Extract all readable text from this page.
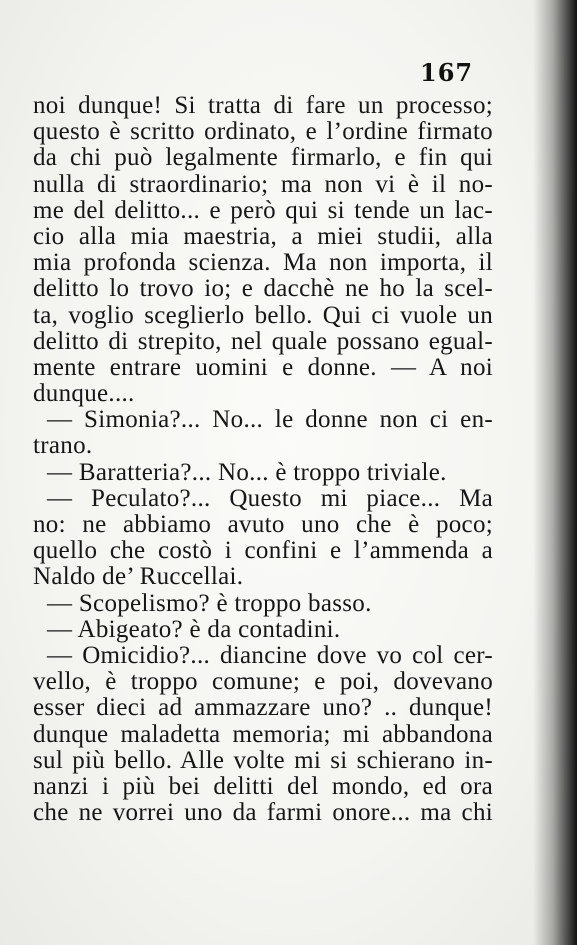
167
noi dunque! Si tratta di fare un processo;
questo è scritto ordinato, e l’ordine firmato
da chi può legalmente firmarlo, e fin qui
nulla di straordinario; ma non vi è il no-
me del delitto... e però qui si tende un lac-
cio alla mia maestria, a miei studii, alla
mia profonda scienza. Ma non importa, il
delitto lo trovo io; e dacchè ne ho la scel-
ta, voglio sceglierlo bello. Qui ci vuole un
delitto di strepito, nel quale possano egual-
mente entrare uomini e donne. — A noi
dunque....
— Simonia?... No... le donne non ci en-
trano.
— Baratteria?... No... è troppo triviale.
— Peculato?... Questo mi piace... Ma
no: ne abbiamo avuto uno che è poco;
quello che costò i confini e l’ammenda a
Naldo de’ Ruccellai.
— Scopelismo? è troppo basso.
— Abigeato? è da contadini.
— Omicidio?... diancine dove vo col cer-
vello, è troppo comune; e poi, dovevano
esser dieci ad ammazzare uno? .. dunque!
dunque maladetta memoria; mi abbandona
sul più bello. Alle volte mi si schierano in-
nanzi i più bei delitti del mondo, ed ora
che ne vorrei uno da farmi onore... ma chi
